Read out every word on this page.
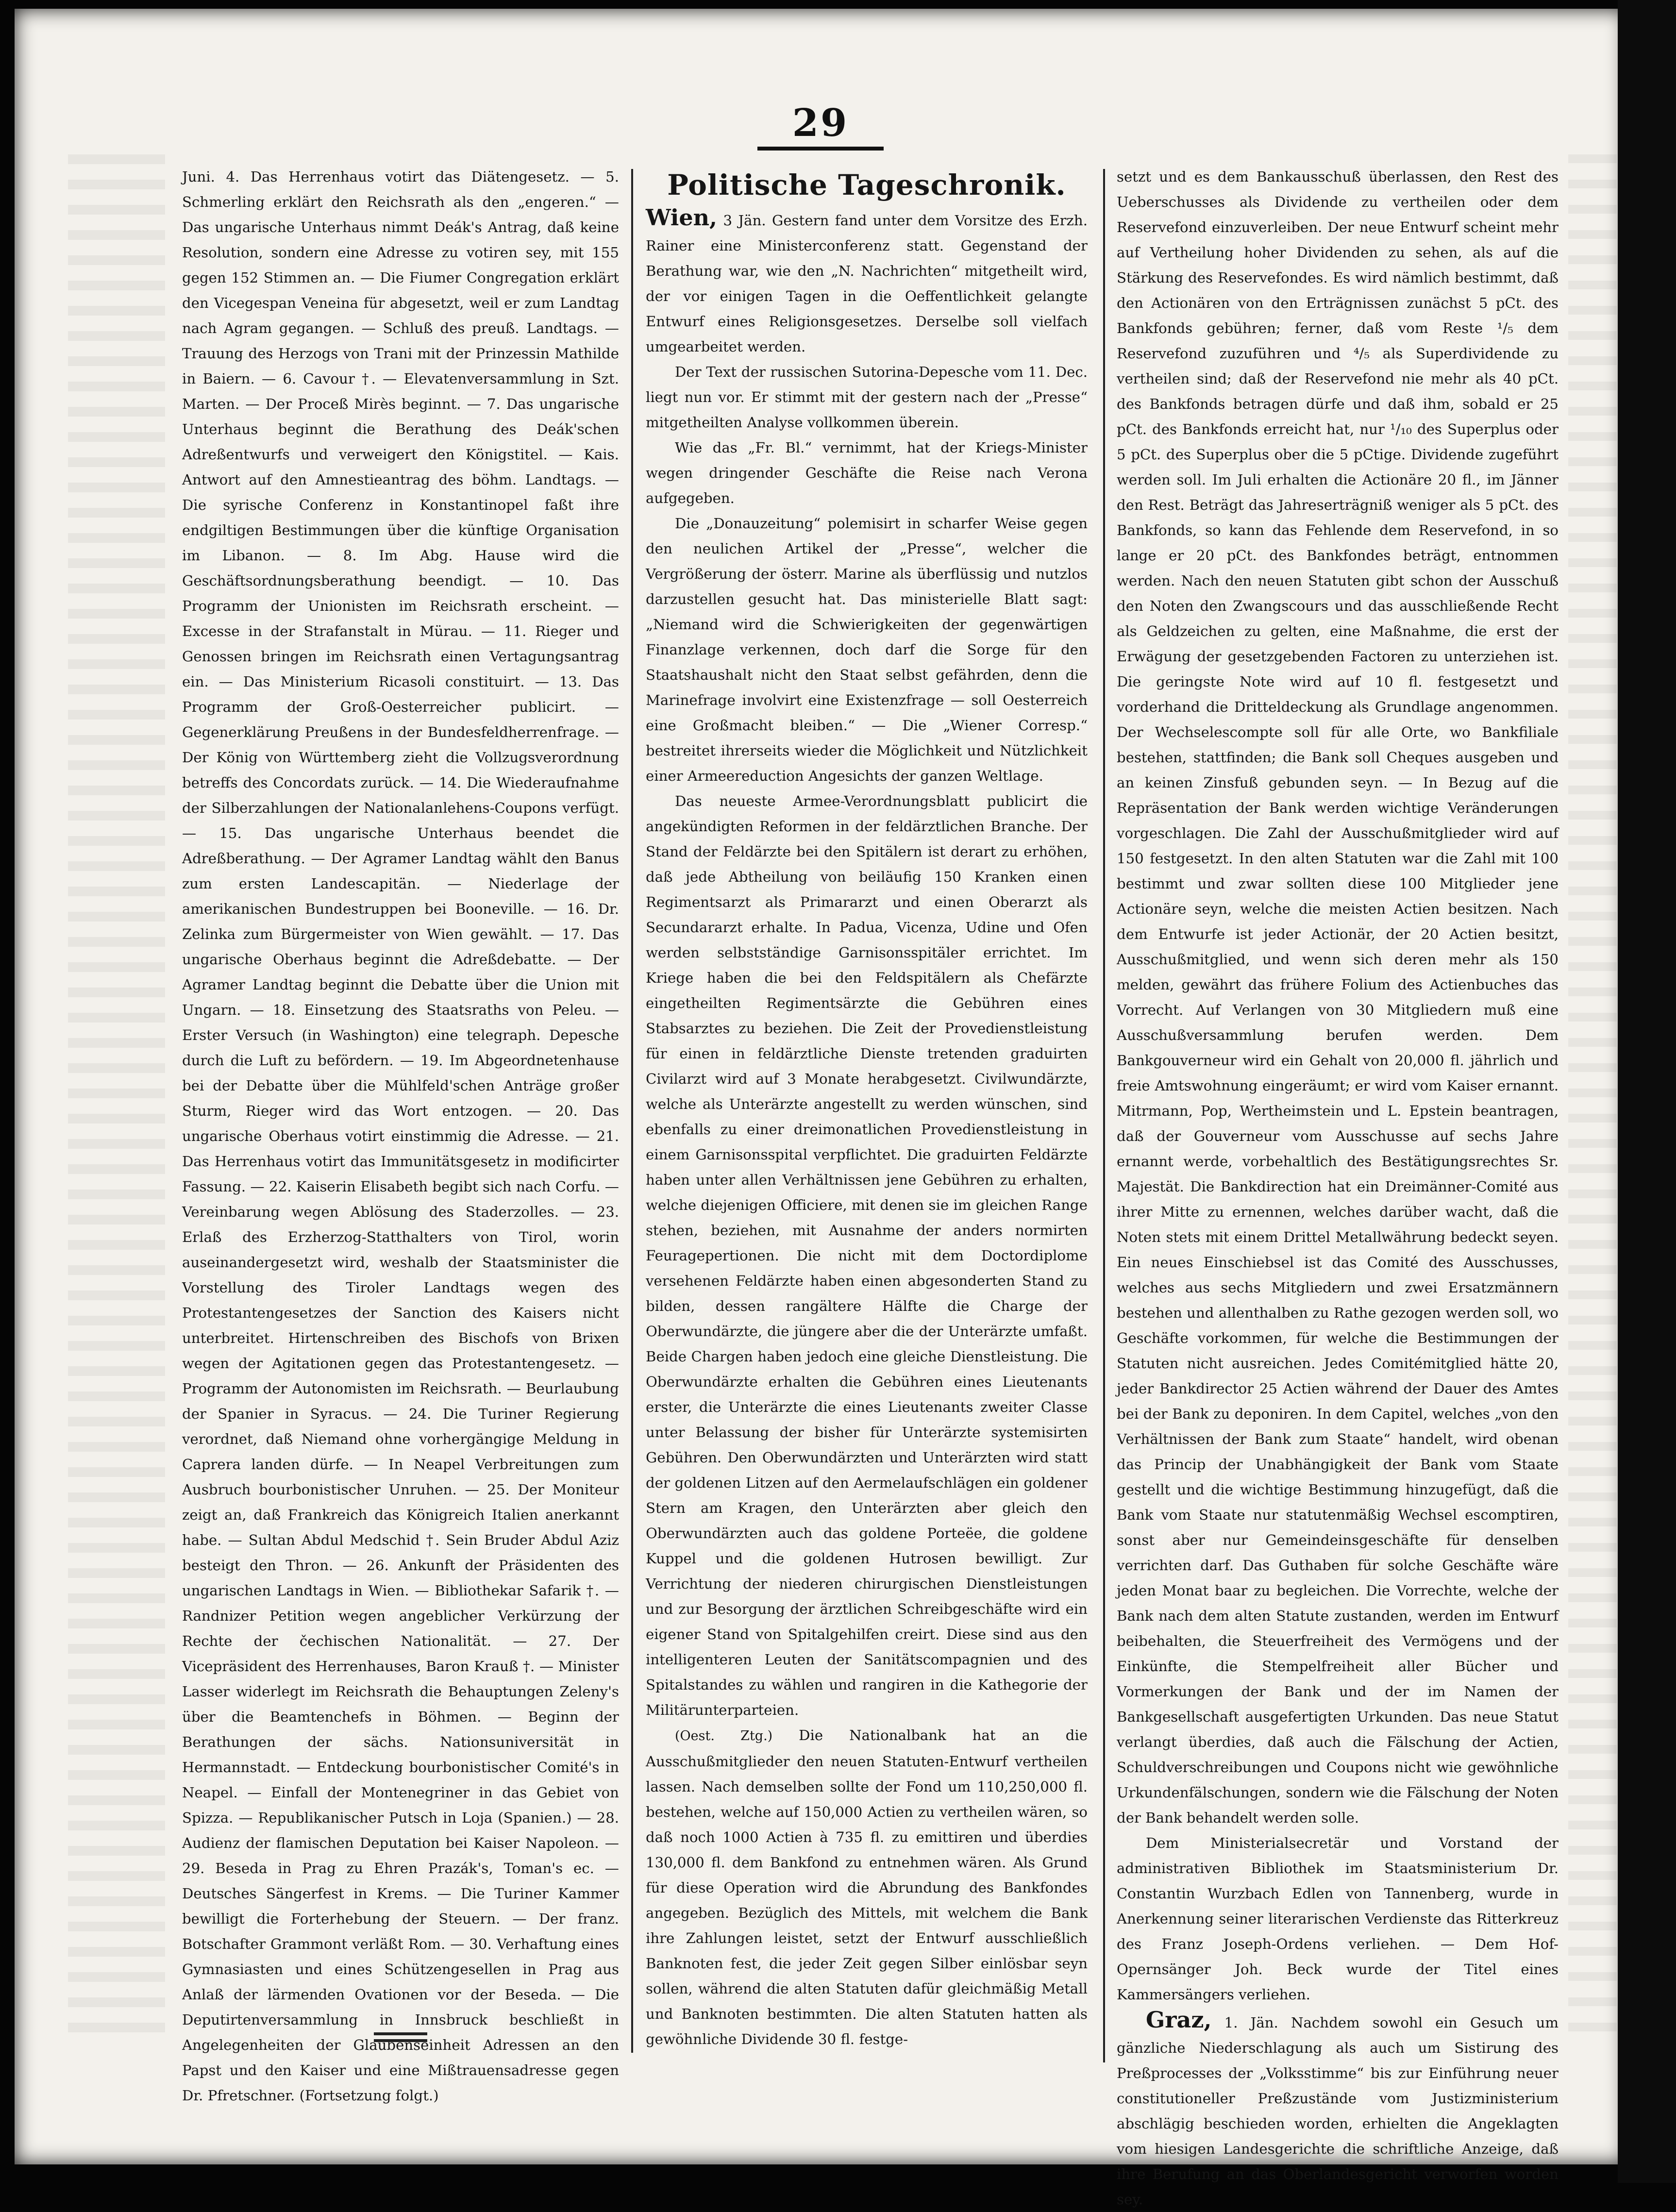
29

Juni. 4. Das Herrenhaus votirt das Diätengesetz. — 5. Schmerling erklärt den Reichsrath als den „engeren.“ — Das ungarische Unterhaus nimmt Deák's Antrag, daß keine Resolution, sondern eine Adresse zu votiren sey, mit 155 gegen 152 Stimmen an. — Die Fiumer Congregation erklärt den Vicegespan Veneina für abgesetzt, weil er zum Landtag nach Agram gegangen. — Schluß des preuß. Landtags. — Trauung des Herzogs von Trani mit der Prinzessin Mathilde in Baiern. — 6. Cavour †. — Elevatenversammlung in Szt. Marten. — Der Proceß Mirès beginnt. — 7. Das ungarische Unterhaus beginnt die Berathung des Deák'schen Adreßentwurfs und verweigert den Königstitel. — Kais. Antwort auf den Amnestieantrag des böhm. Landtags. — Die syrische Conferenz in Konstantinopel faßt ihre endgiltigen Bestimmungen über die künftige Organisation im Libanon. — 8. Im Abg. Hause wird die Geschäftsordnungsberathung beendigt. — 10. Das Programm der Unionisten im Reichsrath erscheint. — Excesse in der Strafanstalt in Mürau. — 11. Rieger und Genossen bringen im Reichsrath einen Vertagungsantrag ein. — Das Ministerium Ricasoli constituirt. — 13. Das Programm der Groß-Oesterreicher publicirt. — Gegenerklärung Preußens in der Bundesfeldherrenfrage. — Der König von Württemberg zieht die Vollzugsverordnung betreffs des Concordats zurück. — 14. Die Wiederaufnahme der Silberzahlungen der Nationalanlehens-Coupons verfügt. — 15. Das ungarische Unterhaus beendet die Adreßberathung. — Der Agramer Landtag wählt den Banus zum ersten Landescapitän. — Niederlage der amerikanischen Bundestruppen bei Booneville. — 16. Dr. Zelinka zum Bürgermeister von Wien gewählt. — 17. Das ungarische Oberhaus beginnt die Adreßdebatte. — Der Agramer Landtag beginnt die Debatte über die Union mit Ungarn. — 18. Einsetzung des Staatsraths von Peleu. — Erster Versuch (in Washington) eine telegraph. Depesche durch die Luft zu befördern. — 19. Im Abgeordnetenhause bei der Debatte über die Mühlfeld'schen Anträge großer Sturm, Rieger wird das Wort entzogen. — 20. Das ungarische Oberhaus votirt einstimmig die Adresse. — 21. Das Herrenhaus votirt das Immunitätsgesetz in modificirter Fassung. — 22. Kaiserin Elisabeth begibt sich nach Corfu. — Vereinbarung wegen Ablösung des Staderzolles. — 23. Erlaß des Erzherzog-Statthalters von Tirol, worin auseinandergesetzt wird, weshalb der Staatsminister die Vorstellung des Tiroler Landtags wegen des Protestantengesetzes der Sanction des Kaisers nicht unterbreitet. Hirtenschreiben des Bischofs von Brixen wegen der Agitationen gegen das Protestantengesetz. — Programm der Autonomisten im Reichsrath. — Beurlaubung der Spanier in Syracus. — 24. Die Turiner Regierung verordnet, daß Niemand ohne vorhergängige Meldung in Caprera landen dürfe. — In Neapel Verbreitungen zum Ausbruch bourbonistischer Unruhen. — 25. Der Moniteur zeigt an, daß Frankreich das Königreich Italien anerkannt habe. — Sultan Abdul Medschid †. Sein Bruder Abdul Aziz besteigt den Thron. — 26. Ankunft der Präsidenten des ungarischen Landtags in Wien. — Bibliothekar Safarik †. — Randnizer Petition wegen angeblicher Verkürzung der Rechte der čechischen Nationalität. — 27. Der Vicepräsident des Herrenhauses, Baron Krauß †. — Minister Lasser widerlegt im Reichsrath die Behauptungen Zeleny's über die Beamtenchefs in Böhmen. — Beginn der Berathungen der sächs. Nationsuniversität in Hermannstadt. — Entdeckung bourbonistischer Comité's in Neapel. — Einfall der Montenegriner in das Gebiet von Spizza. — Republikanischer Putsch in Loja (Spanien.) — 28. Audienz der flamischen Deputation bei Kaiser Napoleon. — 29. Beseda in Prag zu Ehren Prazák's, Toman's ec. — Deutsches Sängerfest in Krems. — Die Turiner Kammer bewilligt die Forterhebung der Steuern. — Der franz. Botschafter Grammont verläßt Rom. — 30. Verhaftung eines Gymnasiasten und eines Schützengesellen in Prag aus Anlaß der lärmenden Ovationen vor der Beseda. — Die Deputirtenversammlung in Innsbruck beschließt in Angelegenheiten der Glaubenseinheit Adressen an den Papst und den Kaiser und eine Mißtrauensadresse gegen Dr. Pfretschner. (Fortsetzung folgt.)

Politische Tageschronik.

Wien, 3 Jän. Gestern fand unter dem Vorsitze des Erzh. Rainer eine Ministerconferenz statt. Gegenstand der Berathung war, wie den „N. Nachrichten“ mitgetheilt wird, der vor einigen Tagen in die Oeffentlichkeit gelangte Entwurf eines Religionsgesetzes. Derselbe soll vielfach umgearbeitet werden.

Der Text der russischen Sutorina-Depesche vom 11. Dec. liegt nun vor. Er stimmt mit der gestern nach der „Presse“ mitgetheilten Analyse vollkommen überein.

Wie das „Fr. Bl.“ vernimmt, hat der Kriegs-Minister wegen dringender Geschäfte die Reise nach Verona aufgegeben.

Die „Donauzeitung“ polemisirt in scharfer Weise gegen den neulichen Artikel der „Presse“, welcher die Vergrößerung der österr. Marine als überflüssig und nutzlos darzustellen gesucht hat. Das ministerielle Blatt sagt: „Niemand wird die Schwierigkeiten der gegenwärtigen Finanzlage verkennen, doch darf die Sorge für den Staatshaushalt nicht den Staat selbst gefährden, denn die Marinefrage involvirt eine Existenzfrage — soll Oesterreich eine Großmacht bleiben.“ — Die „Wiener Corresp.“ bestreitet ihrerseits wieder die Möglichkeit und Nützlichkeit einer Armeereduction Angesichts der ganzen Weltlage.

Das neueste Armee-Verordnungsblatt publicirt die angekündigten Reformen in der feldärztlichen Branche. Der Stand der Feldärzte bei den Spitälern ist derart zu erhöhen, daß jede Abtheilung von beiläufig 150 Kranken einen Regimentsarzt als Primararzt und einen Oberarzt als Secundararzt erhalte. In Padua, Vicenza, Udine und Ofen werden selbstständige Garnisonsspitäler errichtet. Im Kriege haben die bei den Feldspitälern als Chefärzte eingetheilten Regimentsärzte die Gebühren eines Stabsarztes zu beziehen. Die Zeit der Provedienstleistung für einen in feldärztliche Dienste tretenden graduirten Civilarzt wird auf 3 Monate herabgesetzt. Civilwundärzte, welche als Unterärzte angestellt zu werden wünschen, sind ebenfalls zu einer dreimonatlichen Provedienstleistung in einem Garnisonsspital verpflichtet. Die graduirten Feldärzte haben unter allen Verhältnissen jene Gebühren zu erhalten, welche diejenigen Officiere, mit denen sie im gleichen Range stehen, beziehen, mit Ausnahme der anders normirten Feuragepertionen. Die nicht mit dem Doctordiplome versehenen Feldärzte haben einen abgesonderten Stand zu bilden, dessen rangältere Hälfte die Charge der Oberwundärzte, die jüngere aber die der Unterärzte umfaßt. Beide Chargen haben jedoch eine gleiche Dienstleistung. Die Oberwundärzte erhalten die Gebühren eines Lieutenants erster, die Unterärzte die eines Lieutenants zweiter Classe unter Belassung der bisher für Unterärzte systemisirten Gebühren. Den Oberwundärzten und Unterärzten wird statt der goldenen Litzen auf den Aermelaufschlägen ein goldener Stern am Kragen, den Unterärzten aber gleich den Oberwundärzten auch das goldene Porteëe, die goldene Kuppel und die goldenen Hutrosen bewilligt. Zur Verrichtung der niederen chirurgischen Dienstleistungen und zur Besorgung der ärztlichen Schreibgeschäfte wird ein eigener Stand von Spitalgehilfen creirt. Diese sind aus den intelligenteren Leuten der Sanitätscompagnien und des Spitalstandes zu wählen und rangiren in die Kathegorie der Militärunterparteien.

(Oest. Ztg.) Die Nationalbank hat an die Ausschußmitglieder den neuen Statuten-Entwurf vertheilen lassen. Nach demselben sollte der Fond um 110,250,000 fl. bestehen, welche auf 150,000 Actien zu vertheilen wären, so daß noch 1000 Actien à 735 fl. zu emittiren und überdies 130,000 fl. dem Bankfond zu entnehmen wären. Als Grund für diese Operation wird die Abrundung des Bankfondes angegeben. Bezüglich des Mittels, mit welchem die Bank ihre Zahlungen leistet, setzt der Entwurf ausschließlich Banknoten fest, die jeder Zeit gegen Silber einlösbar seyn sollen, während die alten Statuten dafür gleichmäßig Metall und Banknoten bestimmten. Die alten Statuten hatten als gewöhnliche Dividende 30 fl. festge-

setzt und es dem Bankausschuß überlassen, den Rest des Ueberschusses als Dividende zu vertheilen oder dem Reservefond einzuverleiben. Der neue Entwurf scheint mehr auf Vertheilung hoher Dividenden zu sehen, als auf die Stärkung des Reservefondes. Es wird nämlich bestimmt, daß den Actionären von den Erträgnissen zunächst 5 pCt. des Bankfonds gebühren; ferner, daß vom Reste ¹/₅ dem Reservefond zuzuführen und ⁴/₅ als Superdividende zu vertheilen sind; daß der Reservefond nie mehr als 40 pCt. des Bankfonds betragen dürfe und daß ihm, sobald er 25 pCt. des Bankfonds erreicht hat, nur ¹/₁₀ des Superplus oder 5 pCt. des Superplus ober die 5 pCtige. Dividende zugeführt werden soll. Im Juli erhalten die Actionäre 20 fl., im Jänner den Rest. Beträgt das Jahreserträgniß weniger als 5 pCt. des Bankfonds, so kann das Fehlende dem Reservefond, in so lange er 20 pCt. des Bankfondes beträgt, entnommen werden. Nach den neuen Statuten gibt schon der Ausschuß den Noten den Zwangscours und das ausschließende Recht als Geldzeichen zu gelten, eine Maßnahme, die erst der Erwägung der gesetzgebenden Factoren zu unterziehen ist. Die geringste Note wird auf 10 fl. festgesetzt und vorderhand die Dritteldeckung als Grundlage angenommen. Der Wechselescompte soll für alle Orte, wo Bankfiliale bestehen, stattfinden; die Bank soll Cheques ausgeben und an keinen Zinsfuß gebunden seyn. — In Bezug auf die Repräsentation der Bank werden wichtige Veränderungen vorgeschlagen. Die Zahl der Ausschußmitglieder wird auf 150 festgesetzt. In den alten Statuten war die Zahl mit 100 bestimmt und zwar sollten diese 100 Mitglieder jene Actionäre seyn, welche die meisten Actien besitzen. Nach dem Entwurfe ist jeder Actionär, der 20 Actien besitzt, Ausschußmitglied, und wenn sich deren mehr als 150 melden, gewährt das frühere Folium des Actienbuches das Vorrecht. Auf Verlangen von 30 Mitgliedern muß eine Ausschußversammlung berufen werden. Dem Bankgouverneur wird ein Gehalt von 20,000 fl. jährlich und freie Amtswohnung eingeräumt; er wird vom Kaiser ernannt. Mitrmann, Pop, Wertheimstein und L. Epstein beantragen, daß der Gouverneur vom Ausschusse auf sechs Jahre ernannt werde, vorbehaltlich des Bestätigungsrechtes Sr. Majestät. Die Bankdirection hat ein Dreimänner-Comité aus ihrer Mitte zu ernennen, welches darüber wacht, daß die Noten stets mit einem Drittel Metallwährung bedeckt seyen. Ein neues Einschiebsel ist das Comité des Ausschusses, welches aus sechs Mitgliedern und zwei Ersatzmännern bestehen und allenthalben zu Rathe gezogen werden soll, wo Geschäfte vorkommen, für welche die Bestimmungen der Statuten nicht ausreichen. Jedes Comitémitglied hätte 20, jeder Bankdirector 25 Actien während der Dauer des Amtes bei der Bank zu deponiren. In dem Capitel, welches „von den Verhältnissen der Bank zum Staate“ handelt, wird obenan das Princip der Unabhängigkeit der Bank vom Staate gestellt und die wichtige Bestimmung hinzugefügt, daß die Bank vom Staate nur statutenmäßig Wechsel escomptiren, sonst aber nur Gemeindeinsgeschäfte für denselben verrichten darf. Das Guthaben für solche Geschäfte wäre jeden Monat baar zu begleichen. Die Vorrechte, welche der Bank nach dem alten Statute zustanden, werden im Entwurf beibehalten, die Steuerfreiheit des Vermögens und der Einkünfte, die Stempelfreiheit aller Bücher und Vormerkungen der Bank und der im Namen der Bankgesellschaft ausgefertigten Urkunden. Das neue Statut verlangt überdies, daß auch die Fälschung der Actien, Schuldverschreibungen und Coupons nicht wie gewöhnliche Urkundenfälschungen, sondern wie die Fälschung der Noten der Bank behandelt werden solle.

Dem Ministerialsecretär und Vorstand der administrativen Bibliothek im Staatsministerium Dr. Constantin Wurzbach Edlen von Tannenberg, wurde in Anerkennung seiner literarischen Verdienste das Ritterkreuz des Franz Joseph-Ordens verliehen. — Dem Hof-Opernsänger Joh. Beck wurde der Titel eines Kammersängers verliehen.

Graz, 1. Jän. Nachdem sowohl ein Gesuch um gänzliche Niederschlagung als auch um Sistirung des Preßprocesses der „Volksstimme“ bis zur Einführung neuer constitutioneller Preßzustände vom Justizministerium abschlägig beschieden worden, erhielten die Angeklagten vom hiesigen Landesgerichte die schriftliche Anzeige, daß ihre Berufung an das Oberlandesgericht verworfen worden sey.
